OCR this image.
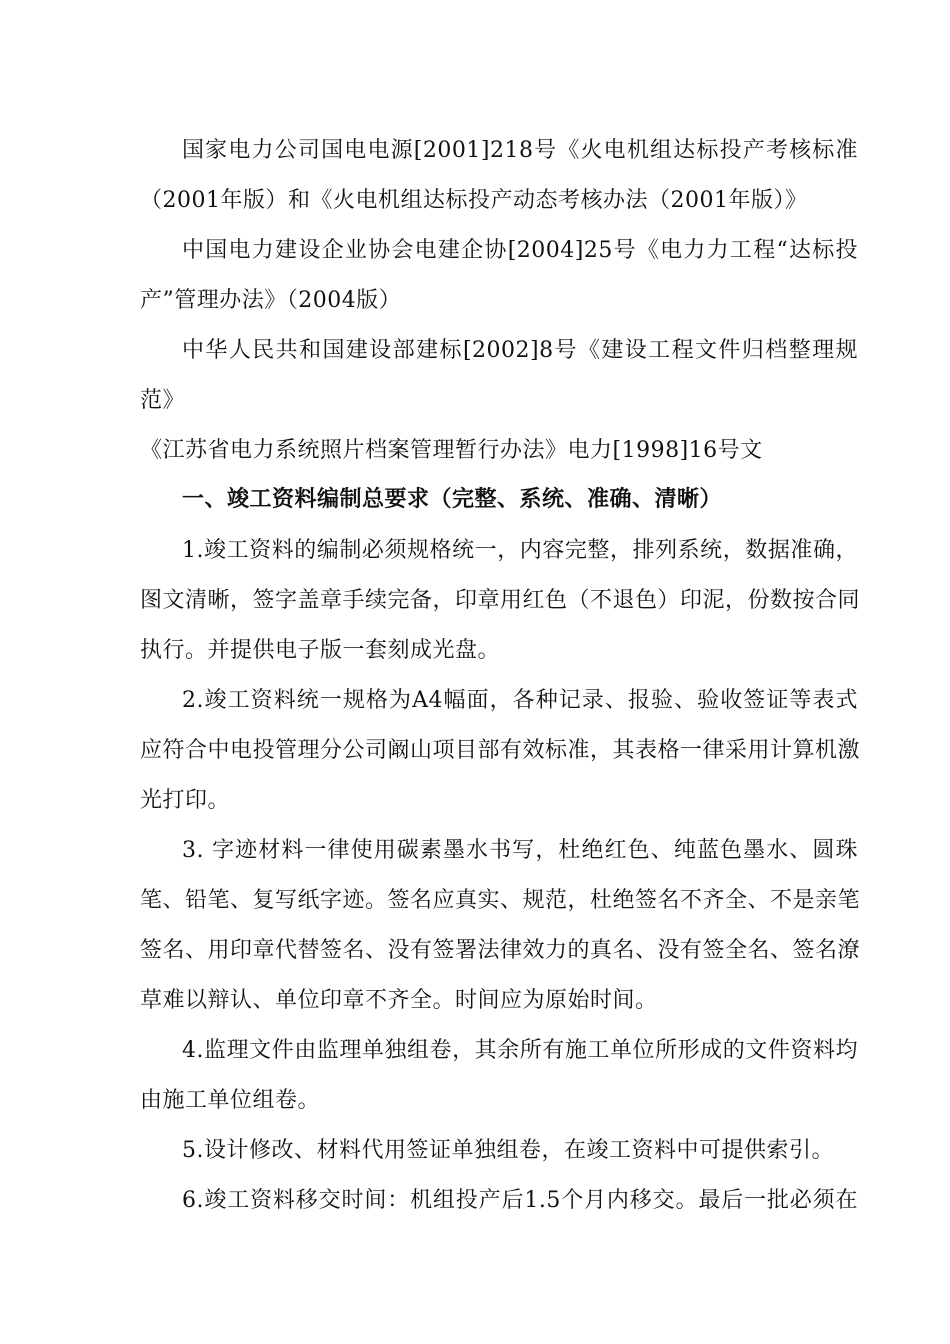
国家电力公司国电电源[2001]218号《火电机组达标投产考核标准
（2001年版）和《火电机组达标投产动态考核办法（2001年版）》
中国电力建设企业协会电建企协[2004]25号《电力力工程“达标投
产”管理办法》（2004版）
中华人民共和国建设部建标[2002]8号《建设工程文件归档整理规
范》
《江苏省电力系统照片档案管理暂行办法》电力[1998]16号文
一、竣工资料编制总要求（完整、系统、准确、清晰）
1.竣工资料的编制必须规格统一，内容完整，排列系统，数据准确，
图文清晰，签字盖章手续完备，印章用红色（不退色）印泥，份数按合同
执行。并提供电子版一套刻成光盘。
2.竣工资料统一规格为A4幅面，各种记录、报验、验收签证等表式
应符合中电投管理分公司阚山项目部有效标准，其表格一律采用计算机激
光打印。
3. 字迹材料一律使用碳素墨水书写，杜绝红色、纯蓝色墨水、圆珠
笔、铅笔、复写纸字迹。签名应真实、规范，杜绝签名不齐全、不是亲笔
签名、用印章代替签名、没有签署法律效力的真名、没有签全名、签名潦
草难以辩认、单位印章不齐全。时间应为原始时间。
4.监理文件由监理单独组卷，其余所有施工单位所形成的文件资料均
由施工单位组卷。
5.设计修改、材料代用签证单独组卷，在竣工资料中可提供索引。
6.竣工资料移交时间：机组投产后1.5个月内移交。最后一批必须在
